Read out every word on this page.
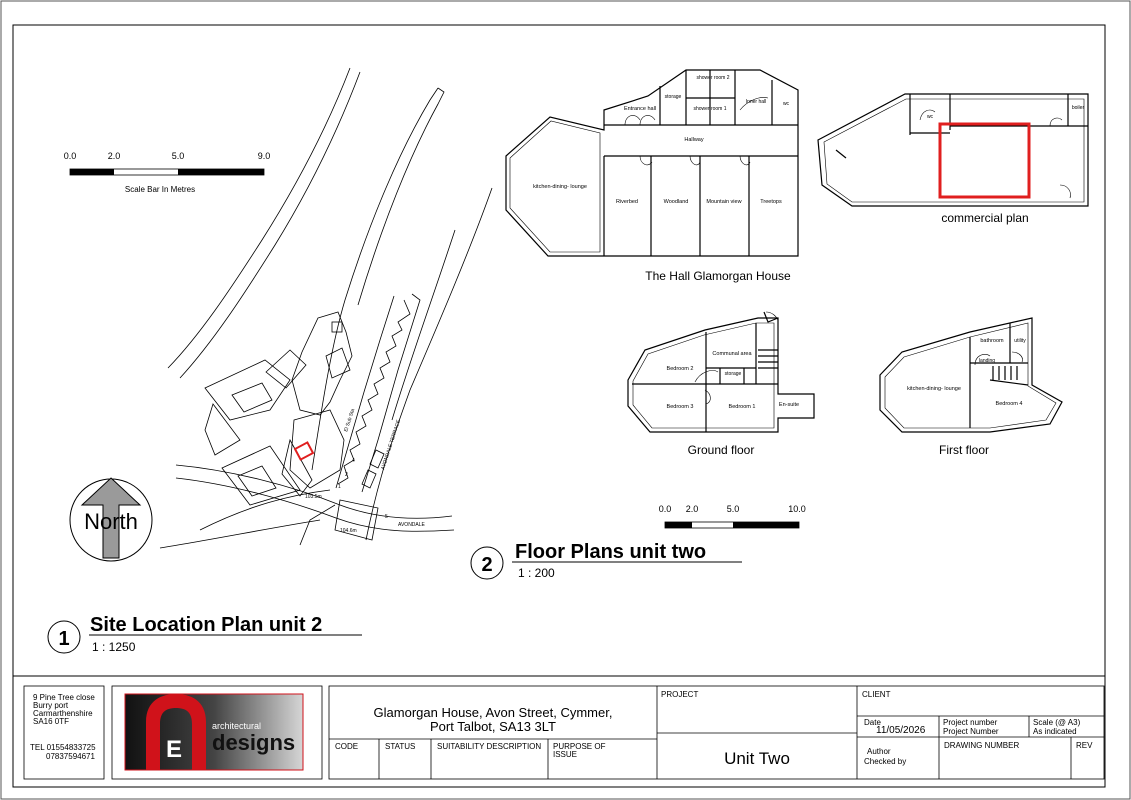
AVONDALE TERRACE
AVONDALE
El Sub Sta
103.5m
104.6m
1
2
4
5
0.0	2.0	5.0	9.0
Scale Bar In Metres
North
1
Site Location Plan unit 2
1 : 1250
kitchen-dining- lounge
Entrance hall
storage
shower room 2
shower room 1
Inner hall	wc
Hallway
Riverbed	Woodland	Mountain view	Treetops
The Hall Glamorgan House
wc
boiler
commercial plan
Bedroom 2
Communal area
storage
Bedroom 3	Bedroom 1	En-suite
Ground floor
bathroom utility
landing
kitchen-dining- lounge
Bedroom 4
First floor
0.0 2.0	5.0	10.0
2
Floor Plans unit two
1 : 200
architectural
E designs
9 Pine Tree close
Burry port
Carmarthenshire
SA16 0TF
TEL 01554833725
07837594671
Glamorgan House, Avon Street, Cymmer,
Port Talbot, SA13 3LT
CODE	STATUS	SUITABILITY DESCRIPTION PURPOSE OF
ISSUE
PROJECT
Unit Two
CLIENT
Date
11/05/2026
Project number
Project Number
Scale (@ A3)
As indicated
Author
Checked by
DRAWING NUMBER	REV
